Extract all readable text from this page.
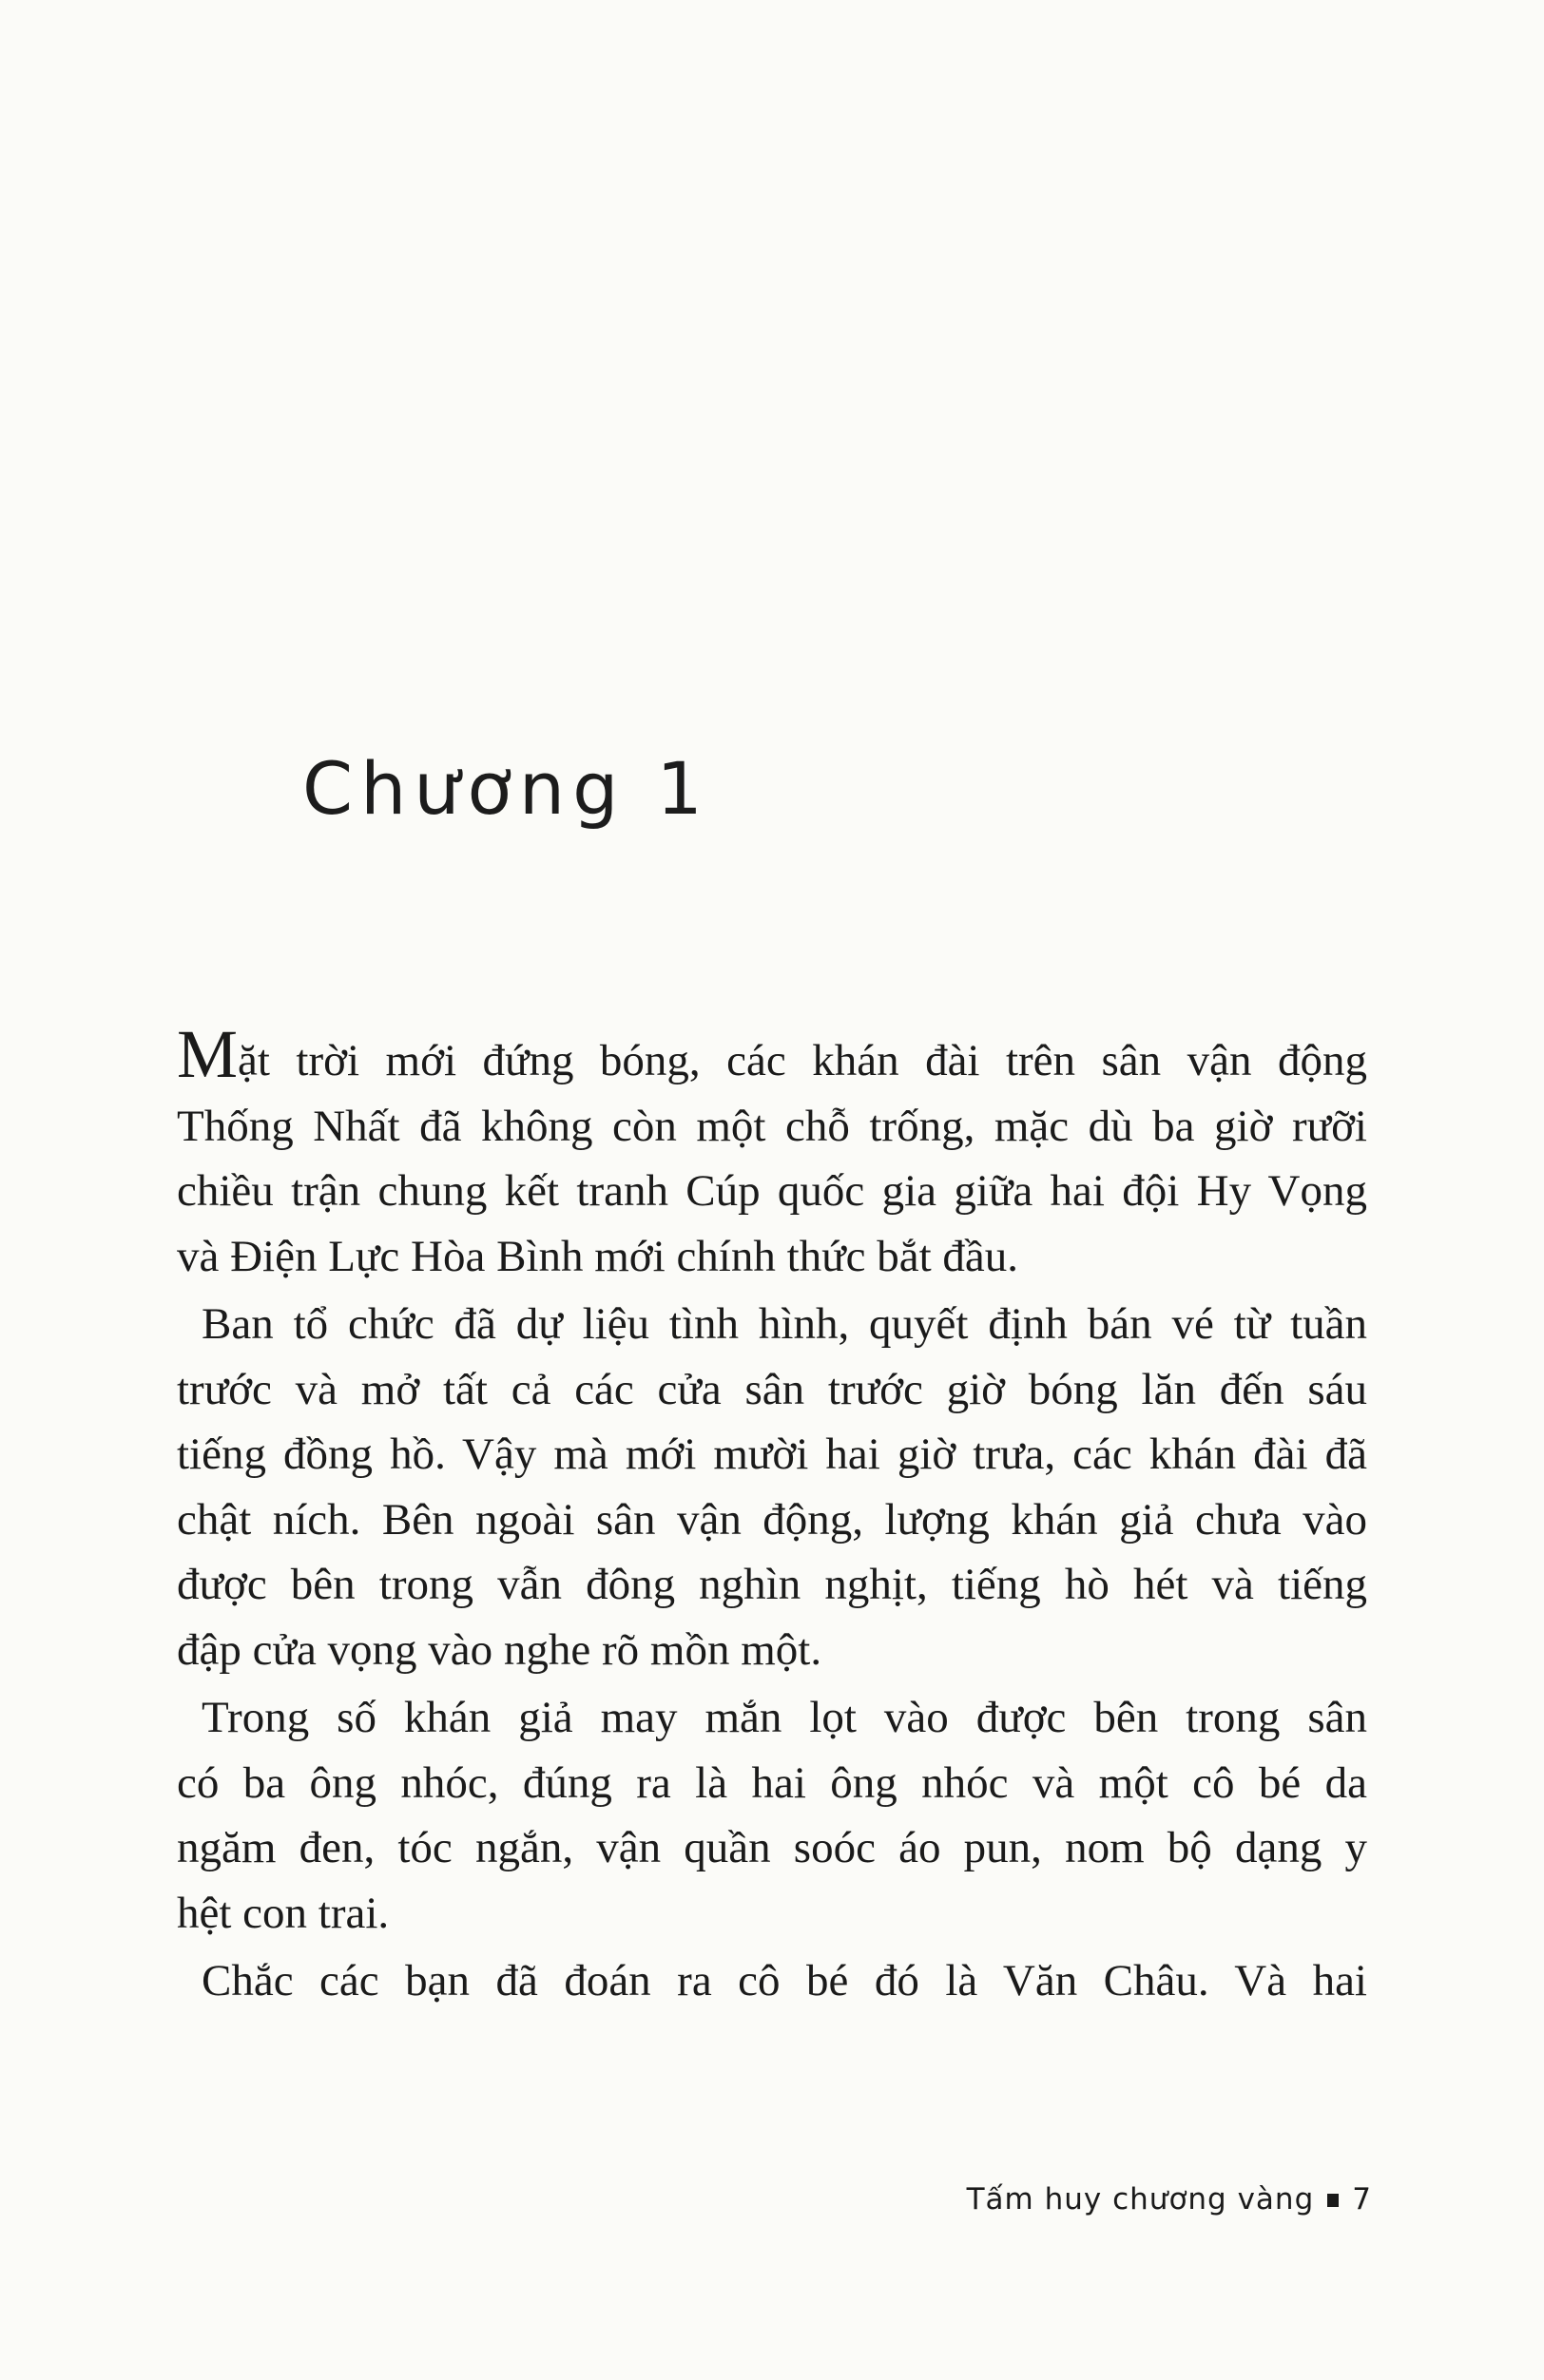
Chương 1

Mặt trời mới đứng bóng, các khán đài trên sân vận động
Thống Nhất đã không còn một chỗ trống, mặc dù ba giờ rưỡi
chiều trận chung kết tranh Cúp quốc gia giữa hai đội Hy Vọng
và Điện Lực Hòa Bình mới chính thức bắt đầu.

Ban tổ chức đã dự liệu tình hình, quyết định bán vé từ tuần
trước và mở tất cả các cửa sân trước giờ bóng lăn đến sáu
tiếng đồng hồ. Vậy mà mới mười hai giờ trưa, các khán đài đã
chật ních. Bên ngoài sân vận động, lượng khán giả chưa vào
được bên trong vẫn đông nghìn nghịt, tiếng hò hét và tiếng
đập cửa vọng vào nghe rõ mồn một.

Trong số khán giả may mắn lọt vào được bên trong sân
có ba ông nhóc, đúng ra là hai ông nhóc và một cô bé da
ngăm đen, tóc ngắn, vận quần soóc áo pun, nom bộ dạng y
hệt con trai.

Chắc các bạn đã đoán ra cô bé đó là Văn Châu. Và hai

Tấm huy chương vàng 7
